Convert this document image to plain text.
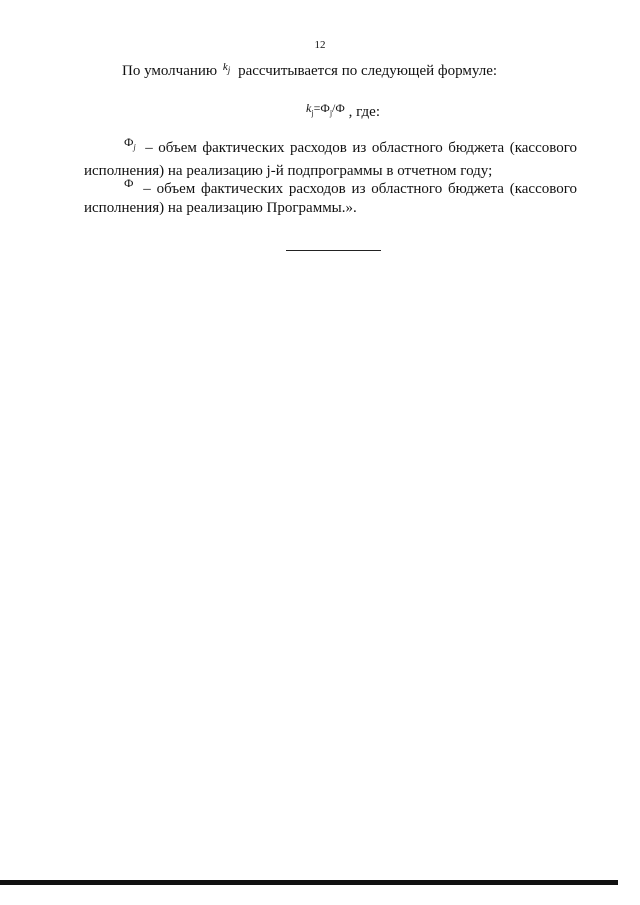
12
По умолчанию $^{k_j}$ рассчитывается по следующей формуле:
$^{k_j=Ф_j/Ф}$ , где:
$^{Ф_j}$ – объем фактических расходов из областного бюджета (кассового исполнения) на реализацию j-й подпрограммы в отчетном году;
$^Ф$ – объем фактических расходов из областного бюджета (кассового исполнения) на реализацию Программы.».
